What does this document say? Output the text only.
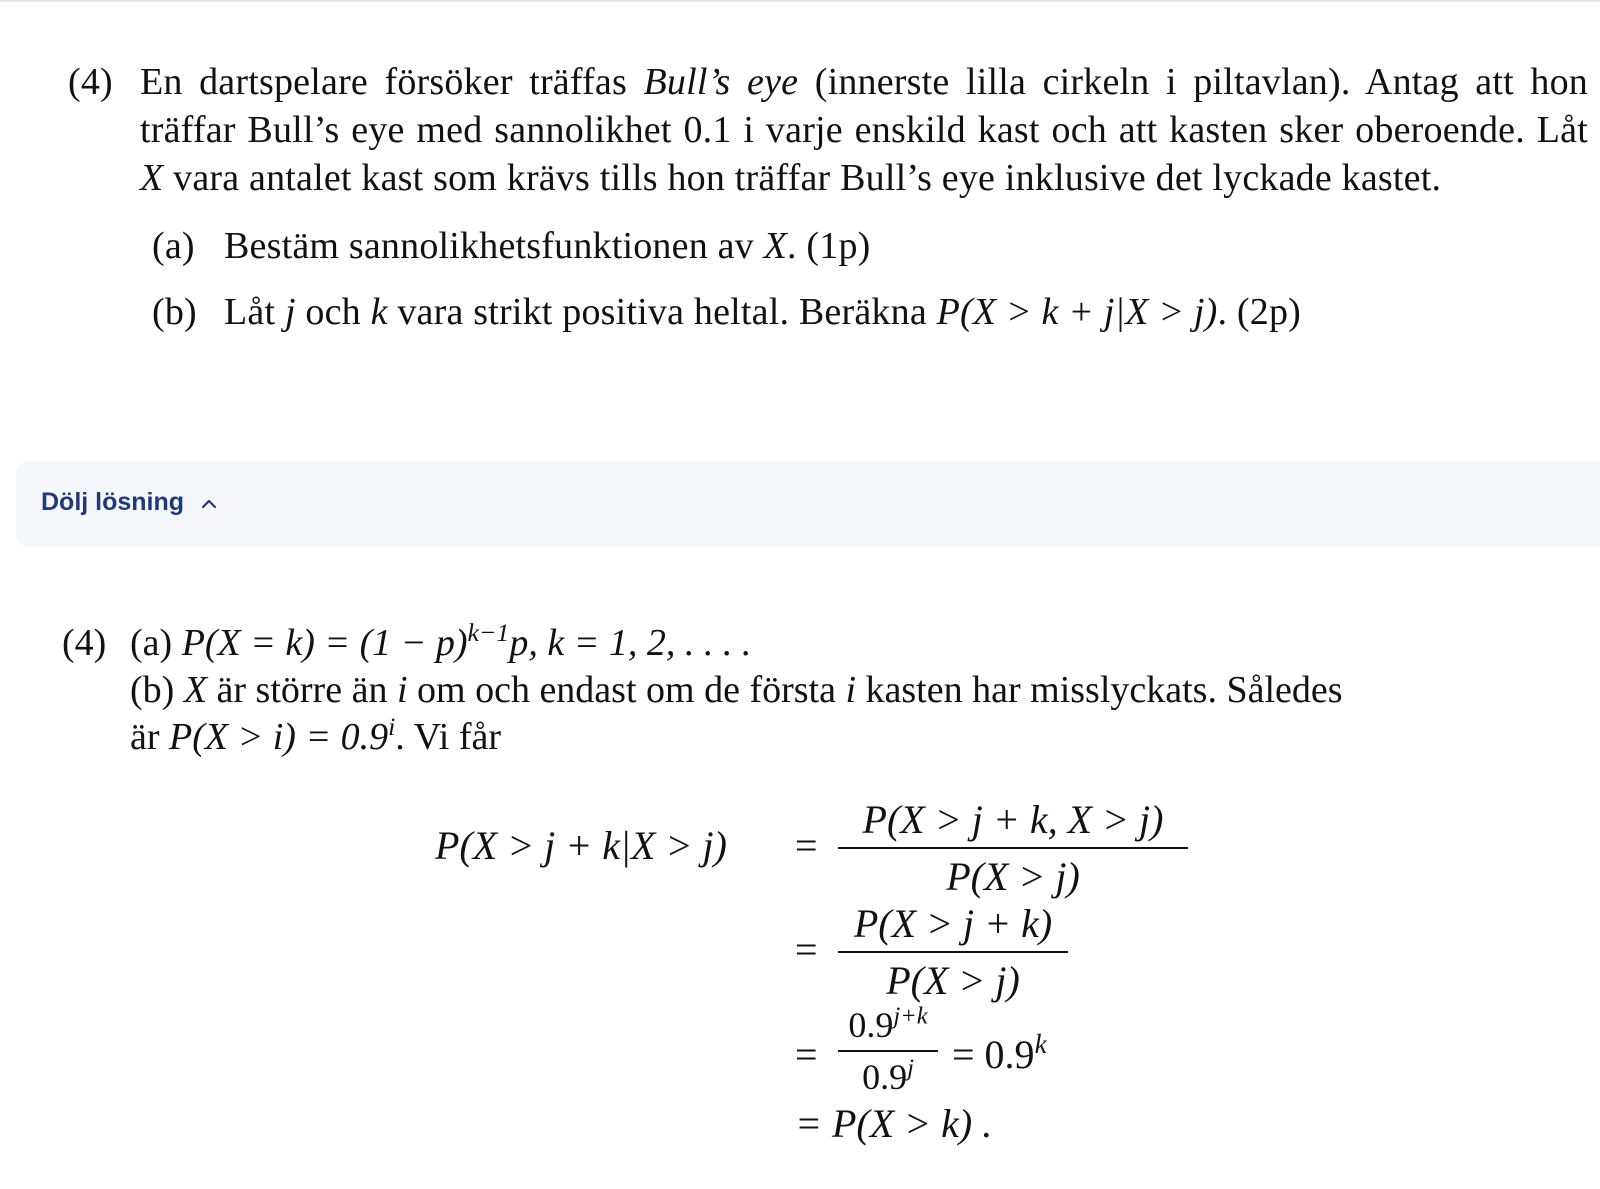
(4) En dartspelare försöker träffas Bull’s eye (innerste lilla cirkeln i piltavlan). Antag att hon träffar Bull’s eye med sannolikhet 0.1 i varje enskild kast och att kasten sker oberoende. Låt X vara antalet kast som krävs tills hon träffar Bull’s eye inklusive det lyckade kastet.
(a) Bestäm sannolikhetsfunktionen av X. (1p)
(b) Låt j och k vara strikt positiva heltal. Beräkna P(X > k + j|X > j). (2p)
Dölj lösning
(4) (a) $P(X = k) = (1 - p)^{k-1}p$, k = 1, 2, . . . .
(b) X är större än i om och endast om de första i kasten har misslyckats. Således
är $P(X > i) = 0.9^i$. Vi får
P(X > j + k|X > j) =
P(X > j + k, X > j)
P(X > j)
=
P(X > j + k)
P(X > j)
=
$0.9^{j+k}$
$0.9^j = 0.9^k$
= P(X > k) .
